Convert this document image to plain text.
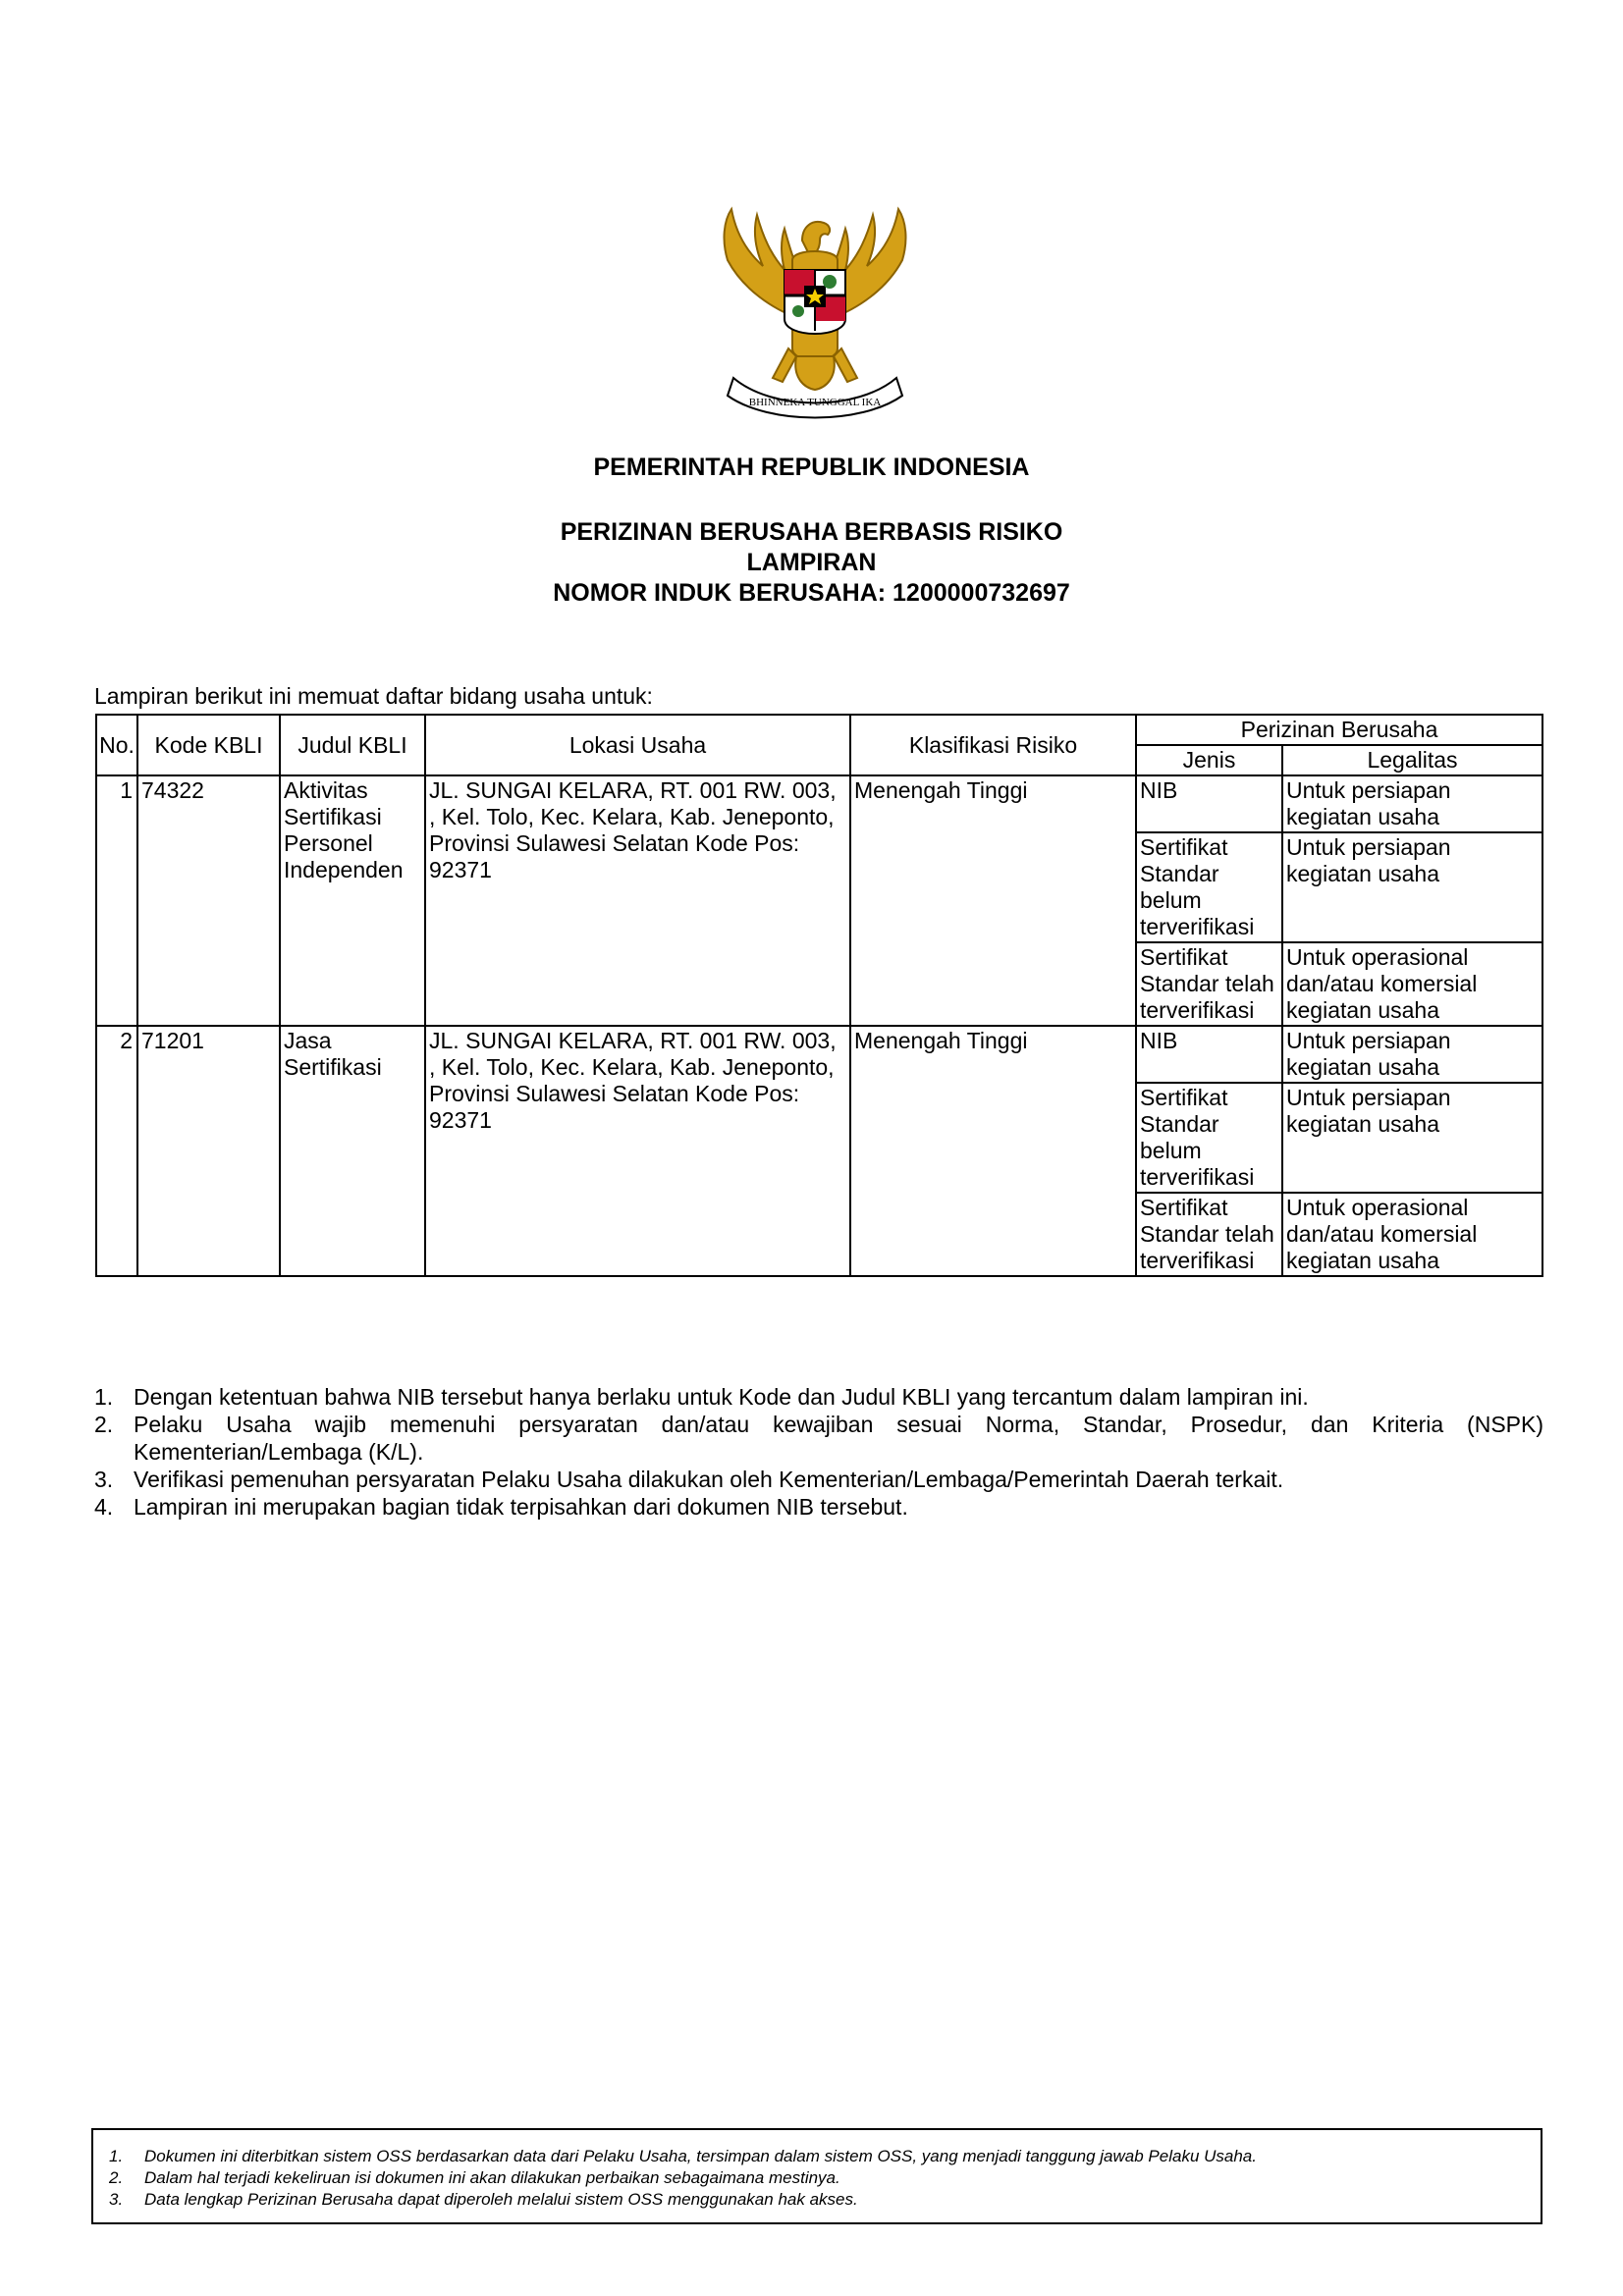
BHINNEKA TUNGGAL IKA
PEMERINTAH REPUBLIK INDONESIA
PERIZINAN BERUSAHA BERBASIS RISIKO
LAMPIRAN
NOMOR INDUK BERUSAHA: 1200000732697
Lampiran berikut ini memuat daftar bidang usaha untuk:
No.	Kode KBLI	Judul KBLI	Lokasi Usaha	Klasifikasi Risiko	Perizinan Berusaha	
					Jenis	Legalitas
1	74322	Aktivitas Sertifikasi Personel Independen	JL. SUNGAI KELARA, RT. 001 RW. 003, , Kel. Tolo, Kec. Kelara, Kab. Jeneponto, Provinsi Sulawesi Selatan Kode Pos: 92371	Menengah Tinggi	NIB	Untuk persiapan kegiatan usaha
					Sertifikat Standar belum terverifikasi	Untuk persiapan kegiatan usaha
					Sertifikat Standar telah terverifikasi	Untuk operasional dan/atau komersial kegiatan usaha
2	71201	Jasa Sertifikasi	JL. SUNGAI KELARA, RT. 001 RW. 003, , Kel. Tolo, Kec. Kelara, Kab. Jeneponto, Provinsi Sulawesi Selatan Kode Pos: 92371	Menengah Tinggi	NIB	Untuk persiapan kegiatan usaha
					Sertifikat Standar belum terverifikasi	Untuk persiapan kegiatan usaha
					Sertifikat Standar telah terverifikasi	Untuk operasional dan/atau komersial kegiatan usaha
1. Dengan ketentuan bahwa NIB tersebut hanya berlaku untuk Kode dan Judul KBLI yang tercantum dalam lampiran ini.
2. Pelaku Usaha wajib memenuhi persyaratan dan/atau kewajiban sesuai Norma, Standar, Prosedur, dan Kriteria (NSPK) Kementerian/Lembaga (K/L).
3. Verifikasi pemenuhan persyaratan Pelaku Usaha dilakukan oleh Kementerian/Lembaga/Pemerintah Daerah terkait.
4. Lampiran ini merupakan bagian tidak terpisahkan dari dokumen NIB tersebut.
1.	Dokumen ini diterbitkan sistem OSS berdasarkan data dari Pelaku Usaha, tersimpan dalam sistem OSS, yang menjadi tanggung jawab Pelaku Usaha.
2.	Dalam hal terjadi kekeliruan isi dokumen ini akan dilakukan perbaikan sebagaimana mestinya.
3.	Data lengkap Perizinan Berusaha dapat diperoleh melalui sistem OSS menggunakan hak akses.
